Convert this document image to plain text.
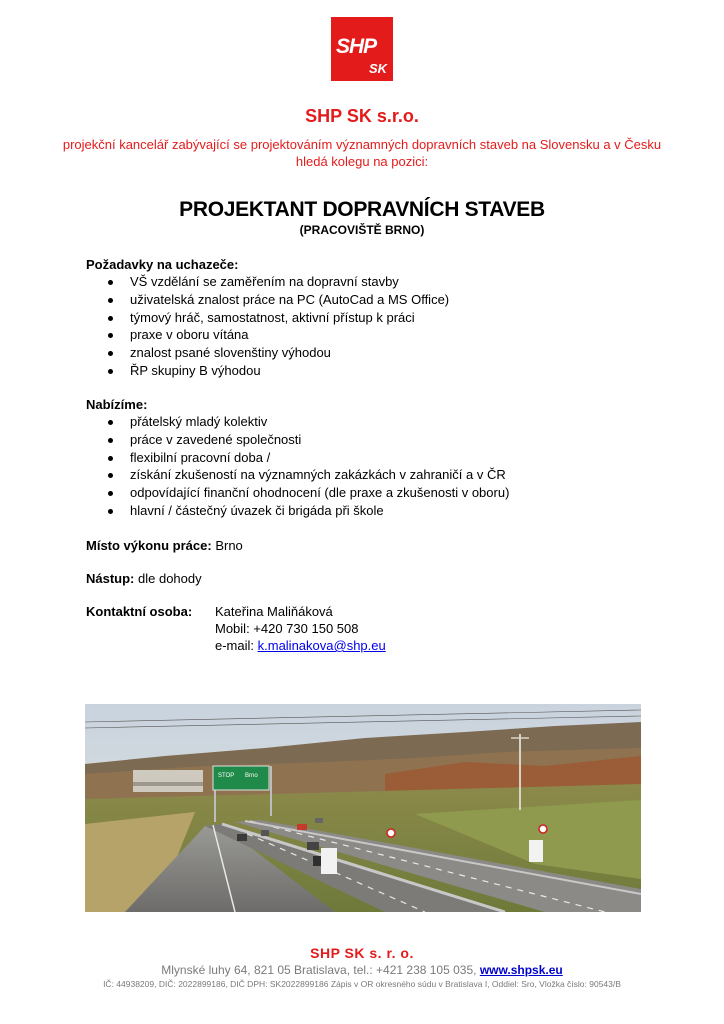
SHP
SK
SHP SK s.r.o.
projekční kancelář zabývající se projektováním významných dopravních staveb na Slovensku a v Česku
hledá kolegu na pozici:
PROJEKTANT DOPRAVNÍCH STAVEB
(PRACOVIŠTĚ BRNO)
Požadavky na uchazeče:
VŠ vzdělání se zaměřením na dopravní stavby
uživatelská znalost práce na PC (AutoCad a MS Office)
týmový hráč, samostatnost, aktivní přístup k práci
praxe v oboru vítána
znalost psané slovenštiny výhodou
ŘP skupiny B výhodou
Nabízíme:
přátelský mladý kolektiv
práce v zavedené společnosti
flexibilní pracovní doba /
získání zkušeností na významných zakázkách v zahraničí a v ČR
odpovídající finanční ohodnocení (dle praxe a zkušenosti v oboru)
hlavní / částečný úvazek či brigáda při škole
Místo výkonu práce: Brno
Nástup: dle dohody
Kontaktní osoba: Kateřina Maliňáková
Mobil: +420 730 150 508
e-mail: k.malinakova@shp.eu
STOP Brno
SHP SK s. r. o.
Mlynské luhy 64, 821 05 Bratislava, tel.: +421 238 105 035, www.shpsk.eu
IČ: 44938209, DIČ: 2022899186, DIČ DPH: SK2022899186 Zápis v OR okresného súdu v Bratislava I, Oddiel: Sro, Vložka číslo: 90543/B
